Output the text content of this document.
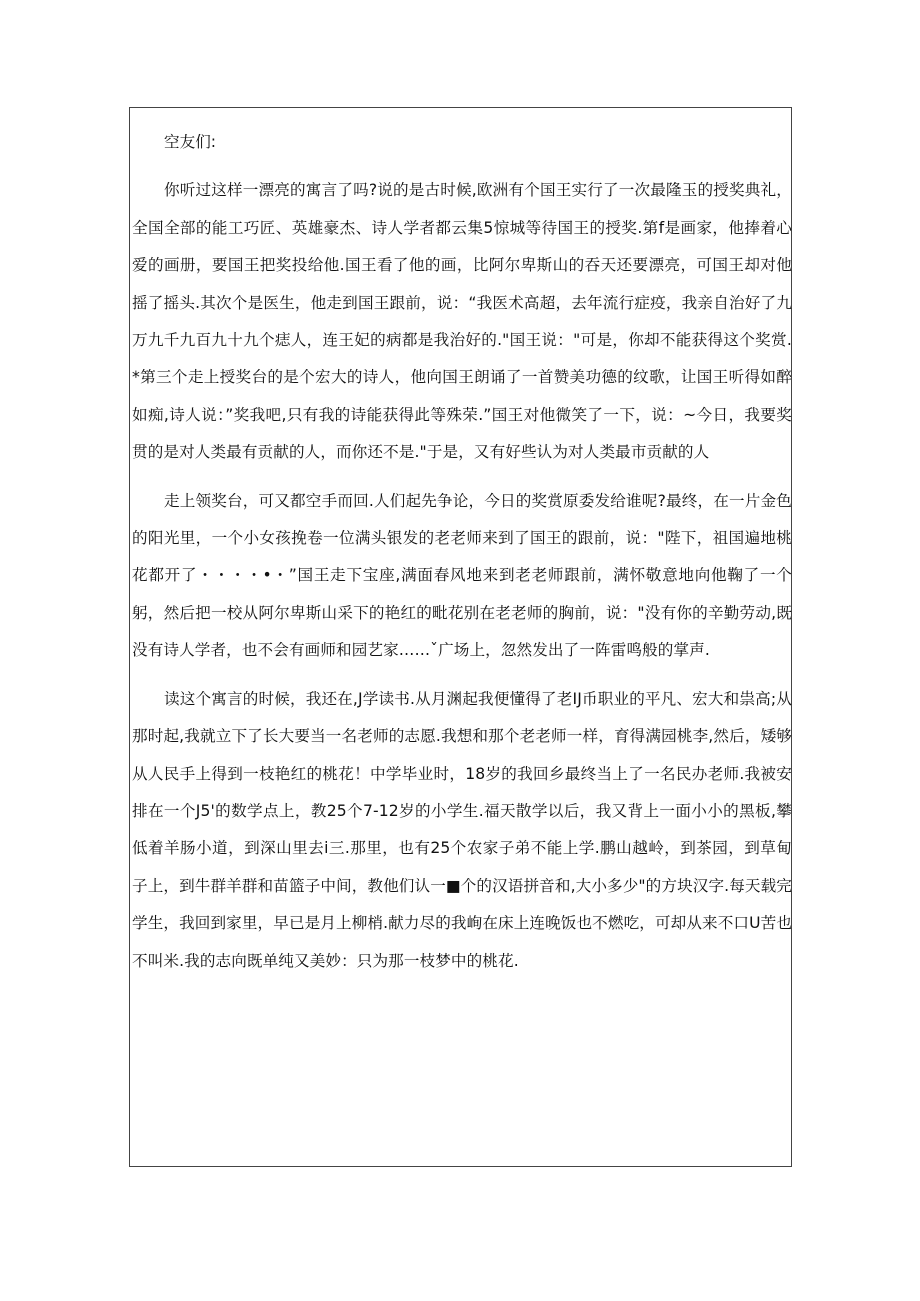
空友们:

你听过这样一漂亮的寓言了吗?说的是古时候,欧洲有个国王实行了一次最隆玉的授奖典礼，全国全部的能工巧匠、英雄豪杰、诗人学者都云集5惊城等待国王的授奖.第f是画家，他捧着心爱的画册，要国王把奖投给他.国王看了他的画，比阿尔卑斯山的吞天还要漂亮，可国王却对他摇了摇头.其次个是医生，他走到国王跟前，说：“我医术高超，去年流行症疫，我亲自治好了九万九千九百九十九个痣人，连王妃的病都是我治好的."国王说："可是，你却不能获得这个奖赏.*第三个走上授奖台的是个宏大的诗人，他向国王朗诵了一首赞美功德的纹歌，让国王听得如醉如痴,诗人说：”奖我吧,只有我的诗能获得此等殊荣.”国王对他微笑了一下，说：~今日，我要奖贯的是对人类最有贡献的人，而你还不是."于是，又有好些认为对人类最市贡献的人

走上领奖台，可又都空手而回.人们起先争论，今日的奖赏原委发给谁呢?最终，在一片金色的阳光里，一个小女孩挽卷一位满头银发的老老师来到了国王的跟前，说："陛下，祖国遍地桃花都开了・・・・•・”国王走下宝座,满面春风地来到老老师跟前，满怀敬意地向他鞠了一个躬，然后把一校从阿尔卑斯山采下的艳红的毗花别在老老师的胸前，说："没有你的辛勤劳动,既没有诗人学者，也不会有画师和园艺家……ˇ广场上，忽然发出了一阵雷鸣般的掌声.

读这个寓言的时候，我还在,J学读书.从月渊起我便懂得了老IJ币职业的平凡、宏大和祟高;从那时起,我就立下了长大要当一名老师的志愿.我想和那个老老师一样，育得满园桃李,然后，矮够从人民手上得到一枝艳红的桃花！中学毕业时，18岁的我回乡最终当上了一名民办老师.我被安排在一个J5'的数学点上，教25个7-12岁的小学生.福天散学以后，我又背上一面小小的黑板,攀低着羊肠小道，到深山里去i三.那里，也有25个农家子弟不能上学.鹏山越岭，到茶园，到草甸子上，到牛群羊群和苗篮子中间，教他们认一■个的汉语拼音和,大小多少"的方块汉字.每天载完学生，我回到家里，早已是月上柳梢.献力尽的我峋在床上连晚饭也不燃吃，可却从来不口U苦也不叫米.我的志向既单纯又美妙：只为那一枝梦中的桃花.
